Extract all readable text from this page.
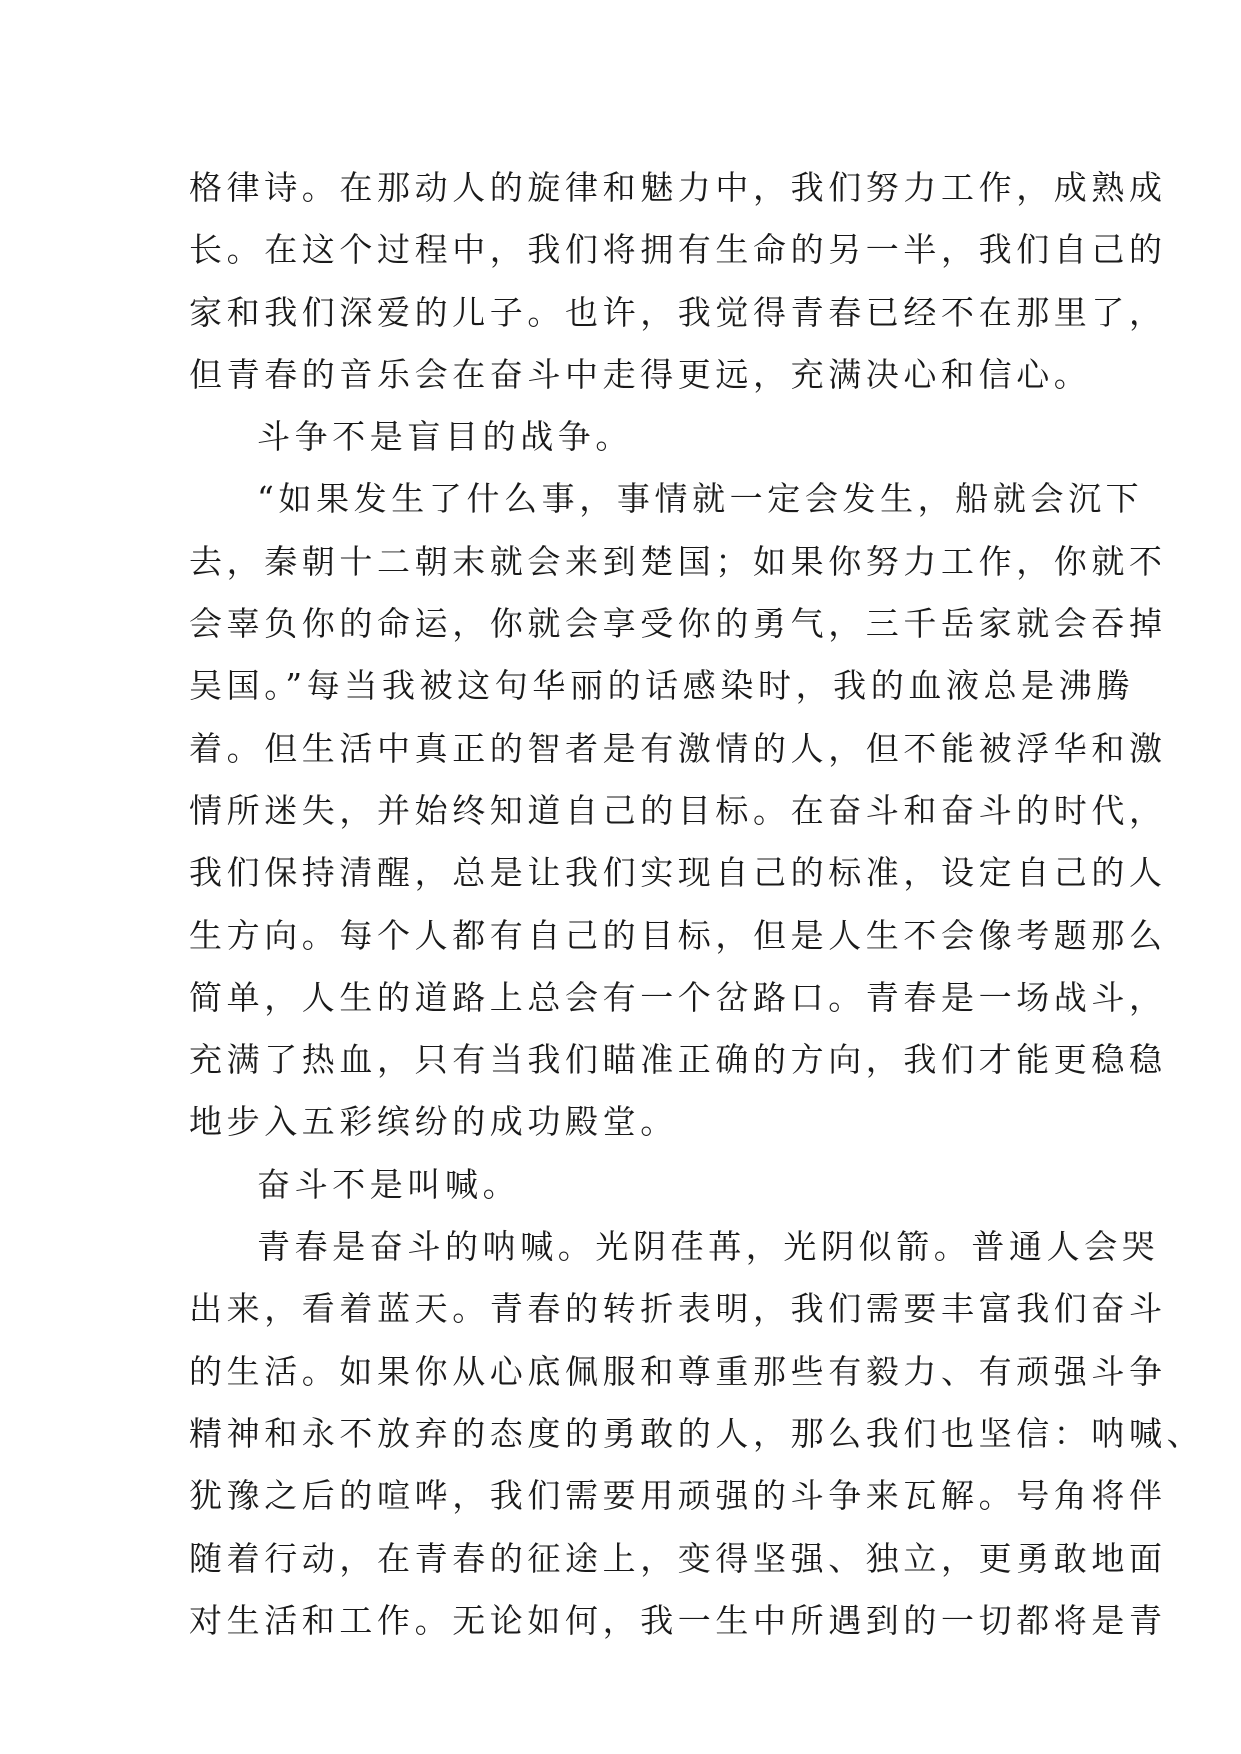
格律诗。在那动人的旋律和魅力中，我们努力工作，成熟成
长。在这个过程中，我们将拥有生命的另一半，我们自己的
家和我们深爱的儿子。也许，我觉得青春已经不在那里了，
但青春的音乐会在奋斗中走得更远，充满决心和信心。
斗争不是盲目的战争。
“如果发生了什么事，事情就一定会发生，船就会沉下
去，秦朝十二朝末就会来到楚国；如果你努力工作，你就不
会辜负你的命运，你就会享受你的勇气，三千岳家就会吞掉
吴国。”每当我被这句华丽的话感染时，我的血液总是沸腾
着。但生活中真正的智者是有激情的人，但不能被浮华和激
情所迷失，并始终知道自己的目标。在奋斗和奋斗的时代，
我们保持清醒，总是让我们实现自己的标准，设定自己的人
生方向。每个人都有自己的目标，但是人生不会像考题那么
简单，人生的道路上总会有一个岔路口。青春是一场战斗，
充满了热血，只有当我们瞄准正确的方向，我们才能更稳稳
地步入五彩缤纷的成功殿堂。
奋斗不是叫喊。
青春是奋斗的呐喊。光阴荏苒，光阴似箭。普通人会哭
出来，看着蓝天。青春的转折表明，我们需要丰富我们奋斗
的生活。如果你从心底佩服和尊重那些有毅力、有顽强斗争
精神和永不放弃的态度的勇敢的人，那么我们也坚信：呐喊、
犹豫之后的喧哗，我们需要用顽强的斗争来瓦解。号角将伴
随着行动，在青春的征途上，变得坚强、独立，更勇敢地面
对生活和工作。无论如何，我一生中所遇到的一切都将是青
